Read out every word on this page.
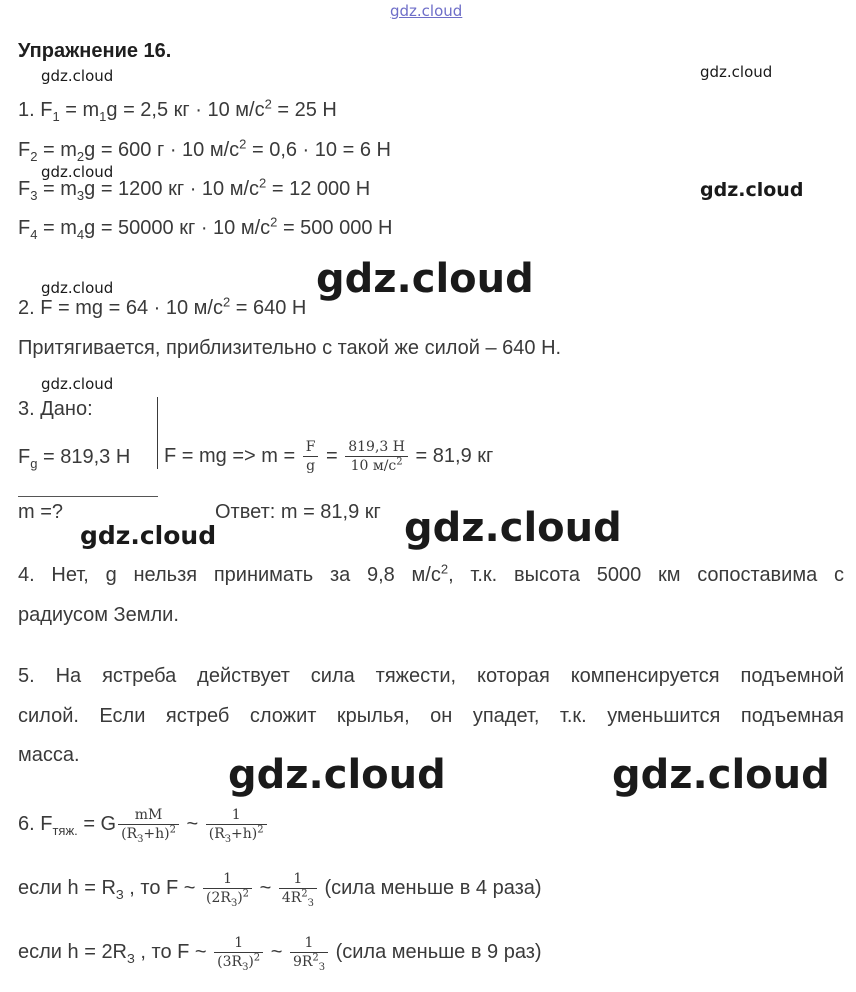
gdz.cloud
gdz.cloud	gdz.cloud
gdz.cloud
gdz.cloud
gdz.cloud
gdz.cloud
Упражнение 16.
1. $F_1 = m_1g = 2,5$ кг · 10 $м/с^2 = 25$ Н
$F_2 = m_2g = 600$ г · 10 $м/с^2 = 0,6 \cdot 10 = 6$ Н
$F_3 = m_3g = 1200$ кг · 10 $м/с^2 = 12$ 000 Н
$F_4 = m_4g = 50000$ кг · 10 $м/с^2 = 500$ 000 Н
2. F = mg = 64 · 10 $м/с^2 = 640$ Н
gdz.cloud
Притягивается, приблизительно с такой же силой – 640 Н.
3. Дано:
$F_g = 819,3$ Н F = mg => $m = \frac{F}{g} = \frac{819,3 Н}{10 м/с^2} = 81,9$ кг
m =?	Ответ: m = 81,9 кг
gdz.cloud	gdz.cloud
4. Нет, g нельзя принимать за 9,8 $м/с^2$, т.к. высота 5000 км сопоставима с
радиусом Земли.
5. На ястреба действует сила тяжести, которая компенсируется подъемной
силой. Если ястреб сложит крылья, он упадет, т.к. уменьшится подъемная
масса.	gdz.cloud	gdz.cloud
6. $F_{тяж.} = G \frac{mM}{(R_З+h)^2}$ ~ $\frac{1}{(R_З+h)^2}$
если $h = R_З$ , то F ~ $\frac{1}{(2R_З)^2}$ ~ $\frac{1}{4R^2_З}$ (сила меньше в 4 раза)
если $h = 2R_З$ , то F ~ $\frac{1}{(3R_З)^2}$ ~ $\frac{1}{9R^2_З}$ (сила меньше в 9 раз)
